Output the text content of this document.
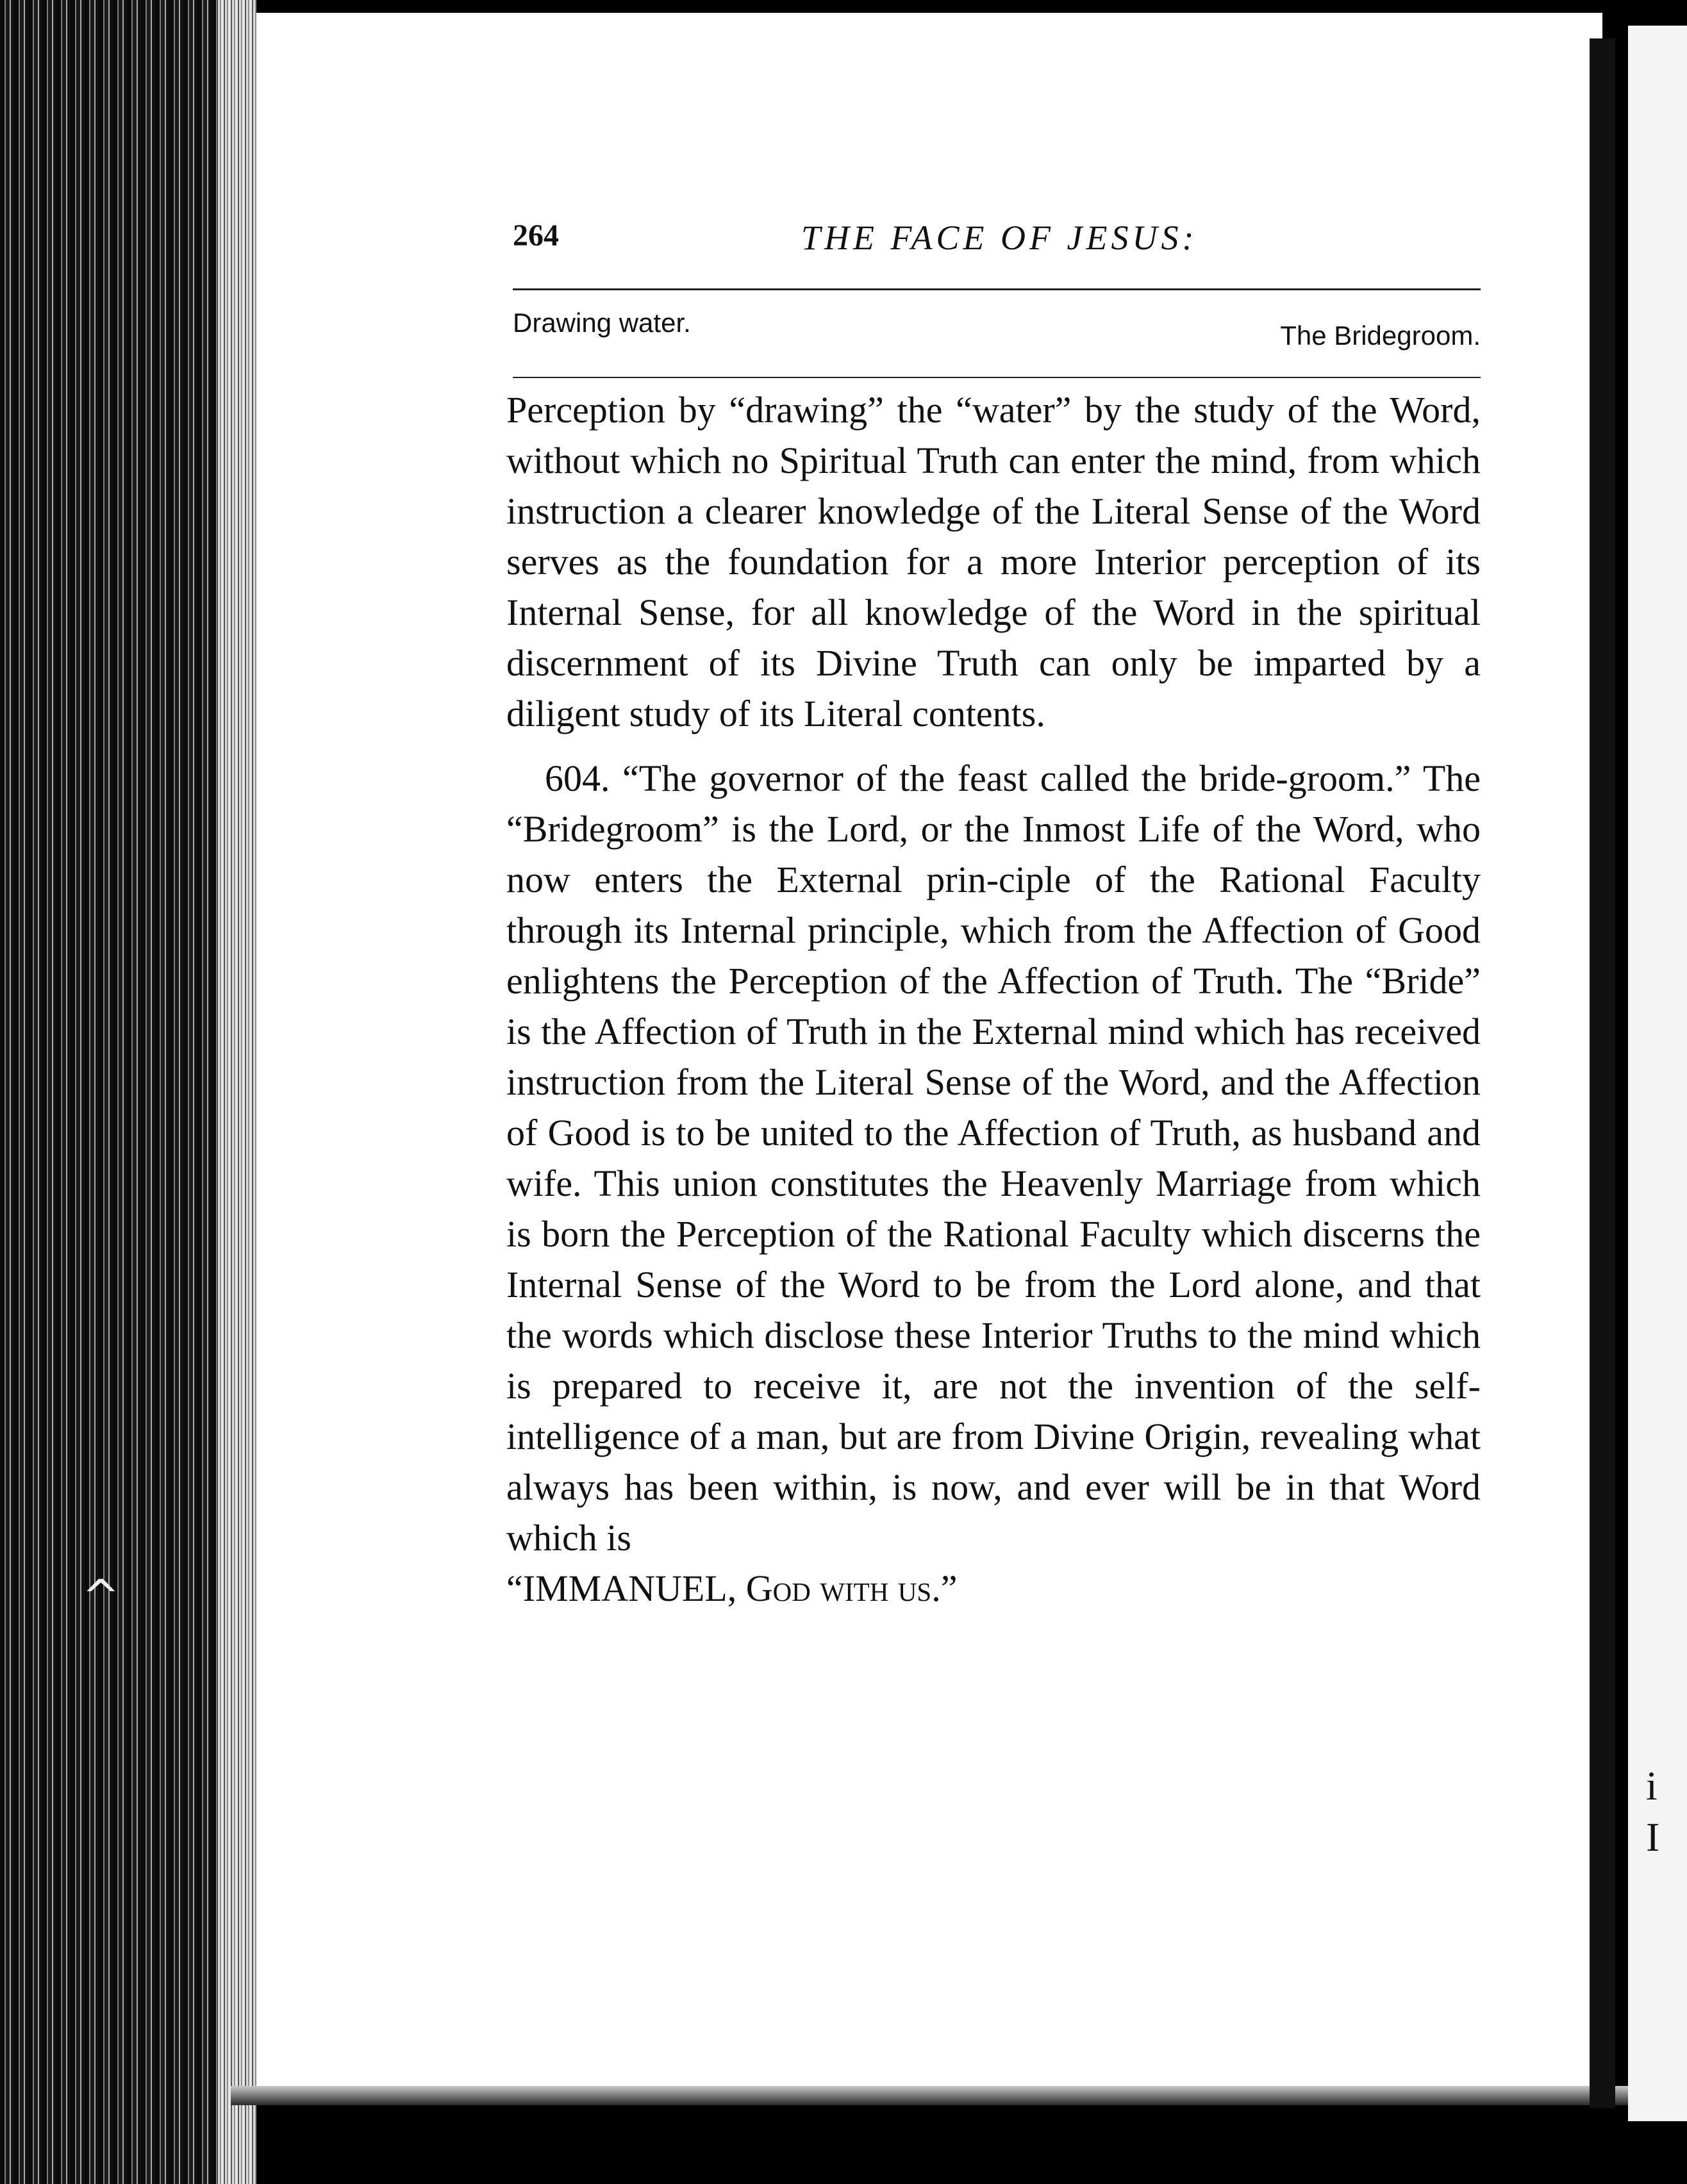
^
i
I
264	THE FACE OF JESUS:
Drawing water.	The Bridegroom.

Perception by “drawing” the “water” by the study of the Word, without which no Spiritual Truth can enter the mind, from which instruction a clearer knowledge of the Literal Sense of the Word serves as the foundation for a more Interior perception of its Internal Sense, for all knowledge of the Word in the spiritual discernment of its Divine Truth can only be imparted by a diligent study of its Literal contents.

604. “The governor of the feast called the bride-groom.” The “Bridegroom” is the Lord, or the Inmost Life of the Word, who now enters the External prin-ciple of the Rational Faculty through its Internal principle, which from the Affection of Good enlightens the Perception of the Affection of Truth. The “Bride” is the Affection of Truth in the External mind which has received instruction from the Literal Sense of the Word, and the Affection of Good is to be united to the Affection of Truth, as husband and wife. This union constitutes the Heavenly Marriage from which is born the Perception of the Rational Faculty which discerns the Internal Sense of the Word to be from the Lord alone, and that the words which disclose these Interior Truths to the mind which is prepared to receive it, are not the invention of the self-intelligence of a man, but are from Divine Origin, revealing what always has been within, is now, and ever will be in that Word which is
“IMMANUEL, God with us.”
